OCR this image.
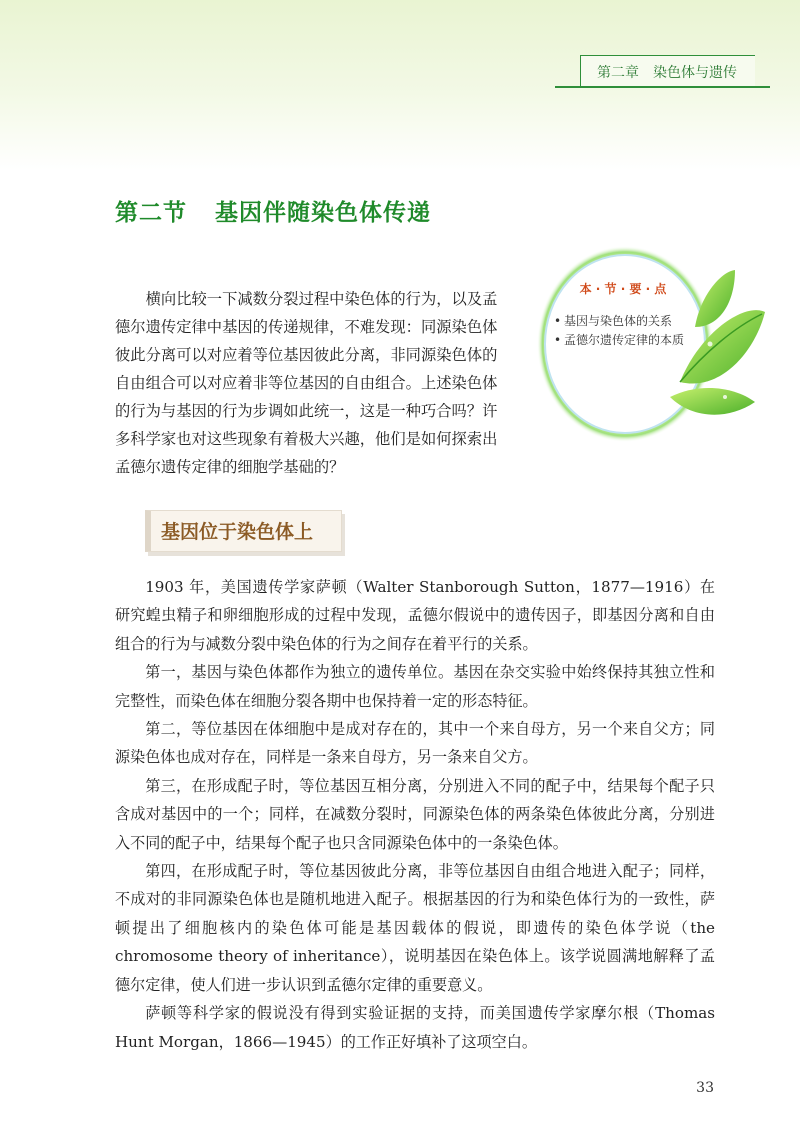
第二章　染色体与遗传
第二节 基因伴随染色体传递

横向比较一下减数分裂过程中染色体的行为，以及孟德尔遗传定律中基因的传递规律，不难发现：同源染色体彼此分离可以对应着等位基因彼此分离，非同源染色体的自由组合可以对应着非等位基因的自由组合。上述染色体的行为与基因的行为步调如此统一，这是一种巧合吗？许多科学家也对这些现象有着极大兴趣，他们是如何探索出孟德尔遗传定律的细胞学基础的？

本 · 节 · 要 · 点
• 基因与染色体的关系
• 孟德尔遗传定律的本质
基因位于染色体上

1903 年，美国遗传学家萨顿（Walter Stanborough Sutton，1877—1916）在研究蝗虫精子和卵细胞形成的过程中发现，孟德尔假说中的遗传因子，即基因分离和自由组合的行为与减数分裂中染色体的行为之间存在着平行的关系。

第一，基因与染色体都作为独立的遗传单位。基因在杂交实验中始终保持其独立性和完整性，而染色体在细胞分裂各期中也保持着一定的形态特征。

第二，等位基因在体细胞中是成对存在的，其中一个来自母方，另一个来自父方；同源染色体也成对存在，同样是一条来自母方，另一条来自父方。

第三，在形成配子时，等位基因互相分离，分别进入不同的配子中，结果每个配子只含成对基因中的一个；同样，在减数分裂时，同源染色体的两条染色体彼此分离，分别进入不同的配子中，结果每个配子也只含同源染色体中的一条染色体。

第四，在形成配子时，等位基因彼此分离，非等位基因自由组合地进入配子；同样，不成对的非同源染色体也是随机地进入配子。根据基因的行为和染色体行为的一致性，萨顿提出了细胞核内的染色体可能是基因载体的假说，即遗传的染色体学说（the chromosome theory of inheritance），说明基因在染色体上。该学说圆满地解释了孟德尔定律，使人们进一步认识到孟德尔定律的重要意义。

萨顿等科学家的假说没有得到实验证据的支持，而美国遗传学家摩尔根（Thomas Hunt Morgan，1866—1945）的工作正好填补了这项空白。

33
